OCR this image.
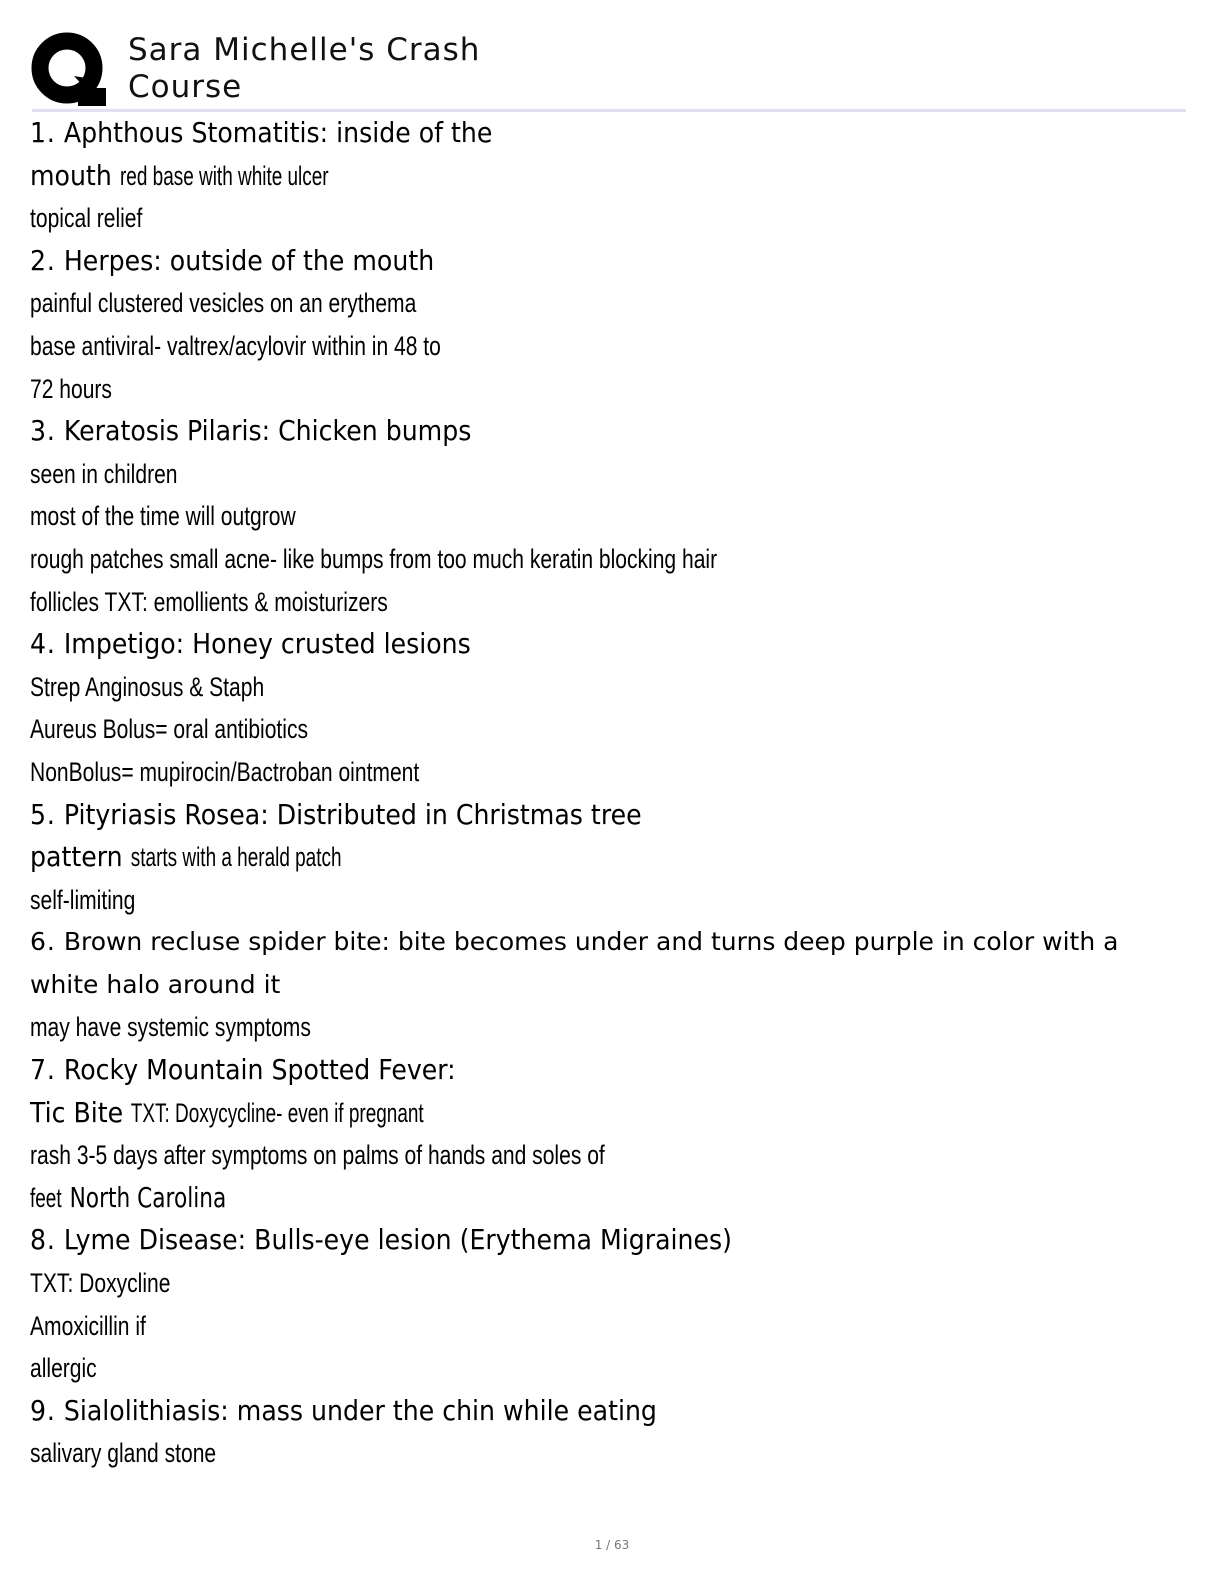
Sara Michelle's Crash
Course
1. Aphthous Stomatitis: inside of the
mouth red base with white ulcer
topical relief
2. Herpes: outside of the mouth
painful clustered vesicles on an erythema
base antiviral- valtrex/acylovir within in 48 to
72 hours
3. Keratosis Pilaris: Chicken bumps
seen in children
most of the time will outgrow
rough patches small acne- like bumps from too much keratin blocking hair
follicles TXT: emollients & moisturizers
4. Impetigo: Honey crusted lesions
Strep Anginosus & Staph
Aureus Bolus= oral antibiotics
NonBolus= mupirocin/Bactroban ointment
5. Pityriasis Rosea: Distributed in Christmas tree
pattern starts with a herald patch
self-limiting
6. Brown recluse spider bite: bite becomes under and turns deep purple in color with a white halo around it
may have systemic symptoms
7. Rocky Mountain Spotted Fever:
Tic Bite TXT: Doxycycline- even if pregnant
rash 3-5 days after symptoms on palms of hands and soles of
feet North Carolina
8. Lyme Disease: Bulls-eye lesion (Erythema Migraines)
TXT: Doxycline
Amoxicillin if
allergic
9. Sialolithiasis: mass under the chin while eating
salivary gland stone
1 / 63
